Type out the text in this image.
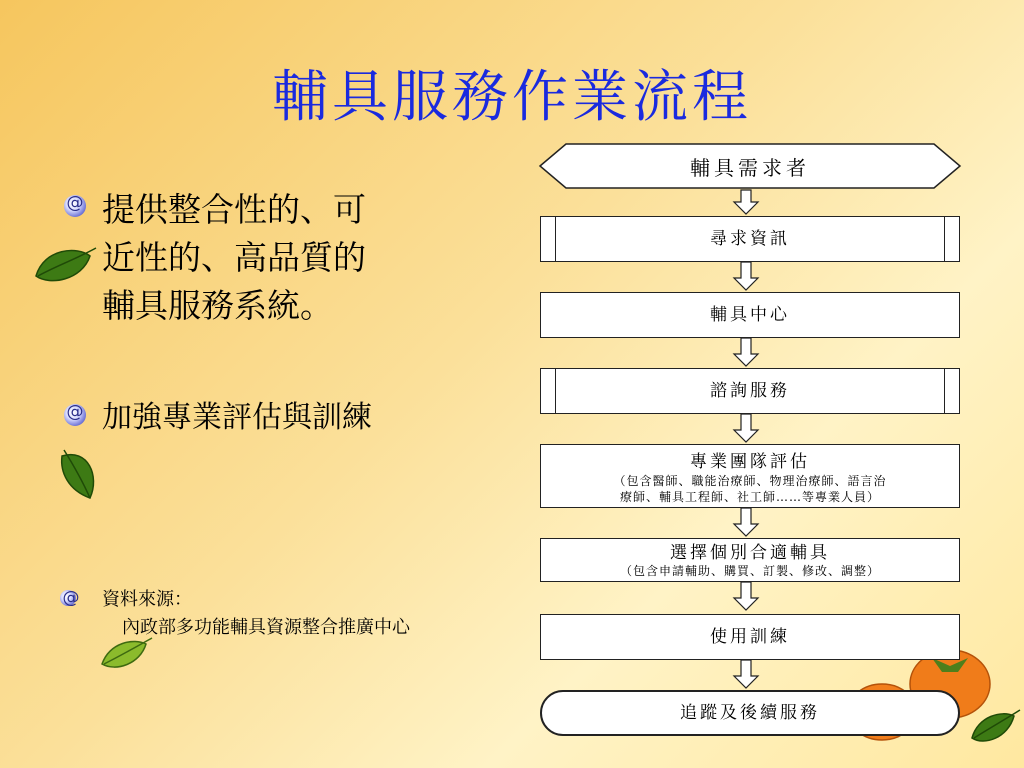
輔具服務作業流程
@
提供整合性的、可
近性的、高品質的
輔具服務系統。
@
加強專業評估與訓練
@
資料來源：
內政部多功能輔具資源整合推廣中心
輔具需求者
尋求資訊
輔具中心
諮詢服務
專業團隊評估
（包含醫師、職能治療師、物理治療師、語言治
療師、輔具工程師、社工師……等專業人員）
選擇個別合適輔具
（包含申請輔助、購買、訂製、修改、調整）
使用訓練
追蹤及後續服務
